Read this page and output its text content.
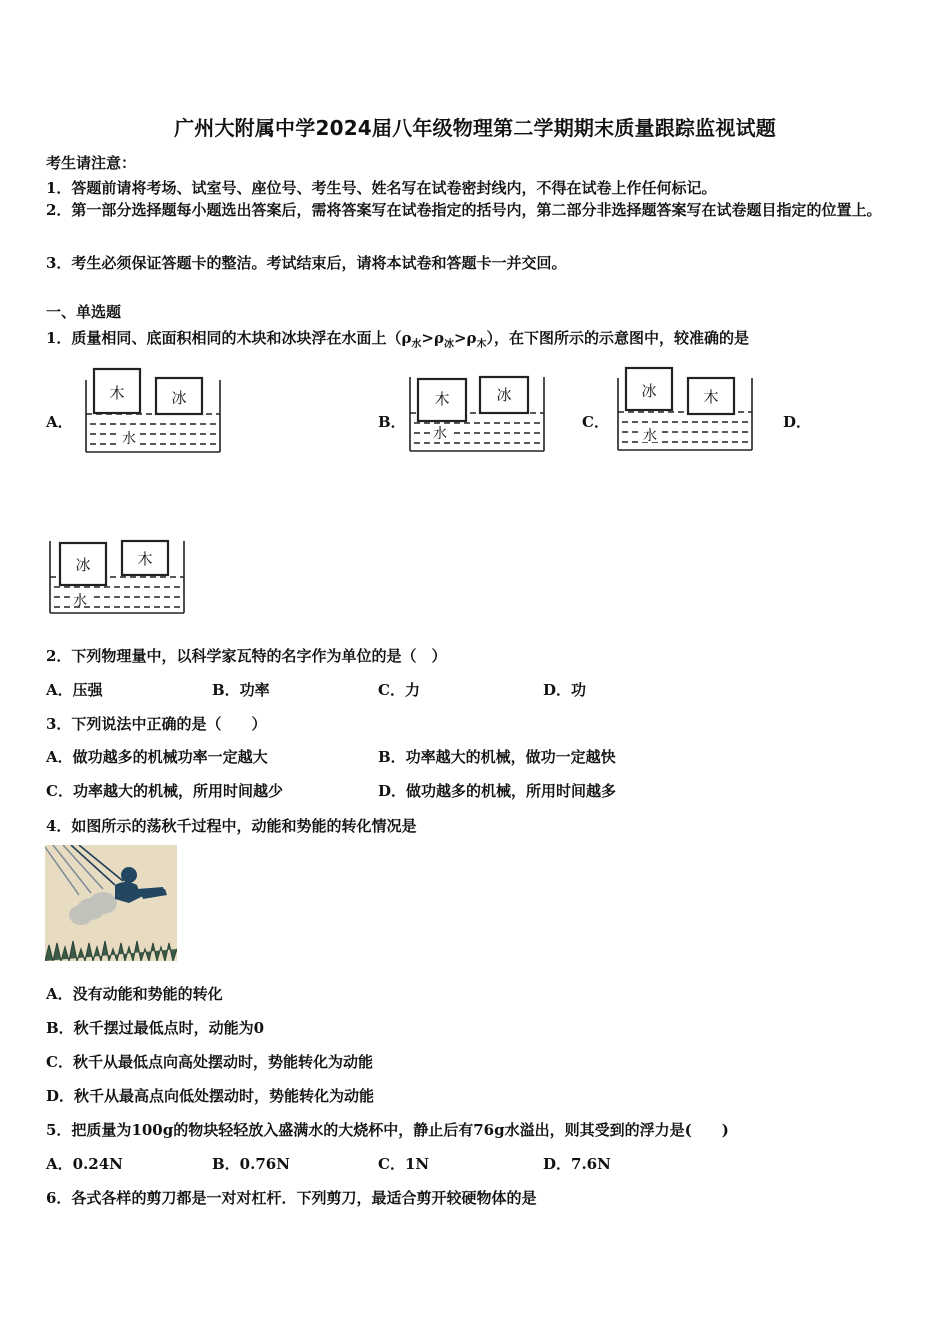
广州大附属中学2024届八年级物理第二学期期末质量跟踪监视试题
考生请注意：
1．答题前请将考场、试室号、座位号、考生号、姓名写在试卷密封线内，不得在试卷上作任何标记。
2．第一部分选择题每小题选出答案后，需将答案写在试卷指定的括号内，第二部分非选择题答案写在试卷题目指定的位置上。
3．考生必须保证答题卡的整洁。考试结束后，请将本试卷和答题卡一并交回。
一、单选题
1．质量相同、底面积相同的木块和冰块浮在水面上$(\rho_水>\rho_冰>\rho_木)$，在下图所示的示意图中，较准确的是
A．	B．	C．	D．
木	冰
水
木	冰
水
冰	木
水
冰	木
水
2．下列物理量中，以科学家瓦特的名字作为单位的是（　）
A．压强	B．功率	C．力	D．功
3．下列说法中正确的是（　　）
A．做功越多的机械功率一定越大	B．功率越大的机械，做功一定越快
C．功率越大的机械，所用时间越少	D．做功越多的机械，所用时间越多
4．如图所示的荡秋千过程中，动能和势能的转化情况是
A．没有动能和势能的转化
B．秋千摆过最低点时，动能为0
C．秋千从最低点向高处摆动时，势能转化为动能
D．秋千从最高点向低处摆动时，势能转化为动能
5．把质量为100g的物块轻轻放入盛满水的大烧杯中，静止后有76g水溢出，则其受到的浮力是(　　)
A．0.24N	B．0.76N	C．1N	D．7.6N
6．各式各样的剪刀都是一对对杠杆．下列剪刀，最适合剪开较硬物体的是
